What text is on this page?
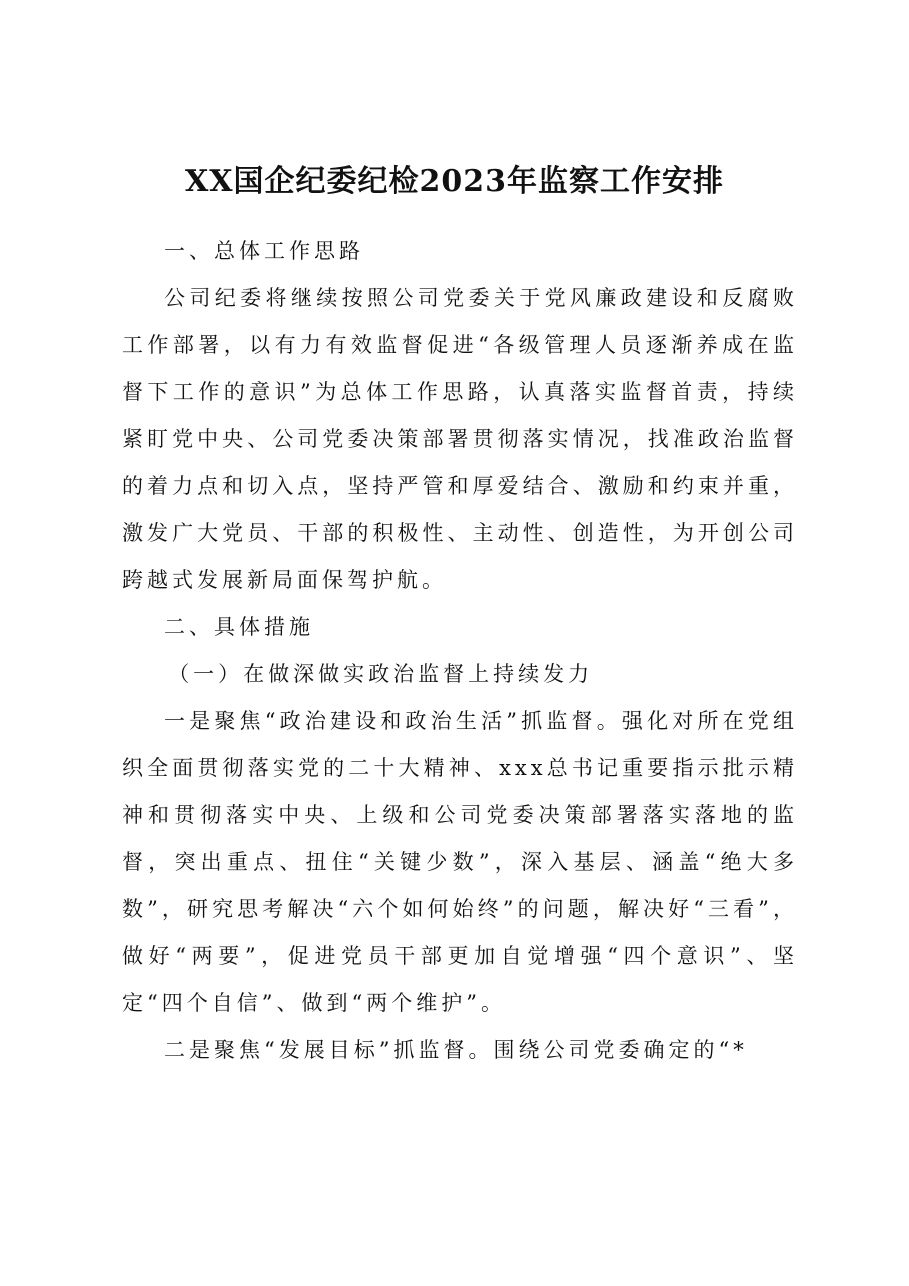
XX国企纪委纪检2023年监察工作安排

一、总体工作思路

公司纪委将继续按照公司党委关于党风廉政建设和反腐败工作部署，以有力有效监督促进“各级管理人员逐渐养成在监督下工作的意识”为总体工作思路，认真落实监督首责，持续紧盯党中央、公司党委决策部署贯彻落实情况，找准政治监督的着力点和切入点，坚持严管和厚爱结合、激励和约束并重，激发广大党员、干部的积极性、主动性、创造性，为开创公司跨越式发展新局面保驾护航。

二、具体措施

（一）在做深做实政治监督上持续发力

一是聚焦“政治建设和政治生活”抓监督。强化对所在党组织全面贯彻落实党的二十大精神、xxx总书记重要指示批示精神和贯彻落实中央、上级和公司党委决策部署落实落地的监督，突出重点、扭住“关键少数”，深入基层、涵盖“绝大多数”，研究思考解决“六个如何始终”的问题，解决好“三看”，做好“两要”，促进党员干部更加自觉增强“四个意识”、坚定“四个自信”、做到“两个维护”。

二是聚焦“发展目标”抓监督。围绕公司党委确定的“*
